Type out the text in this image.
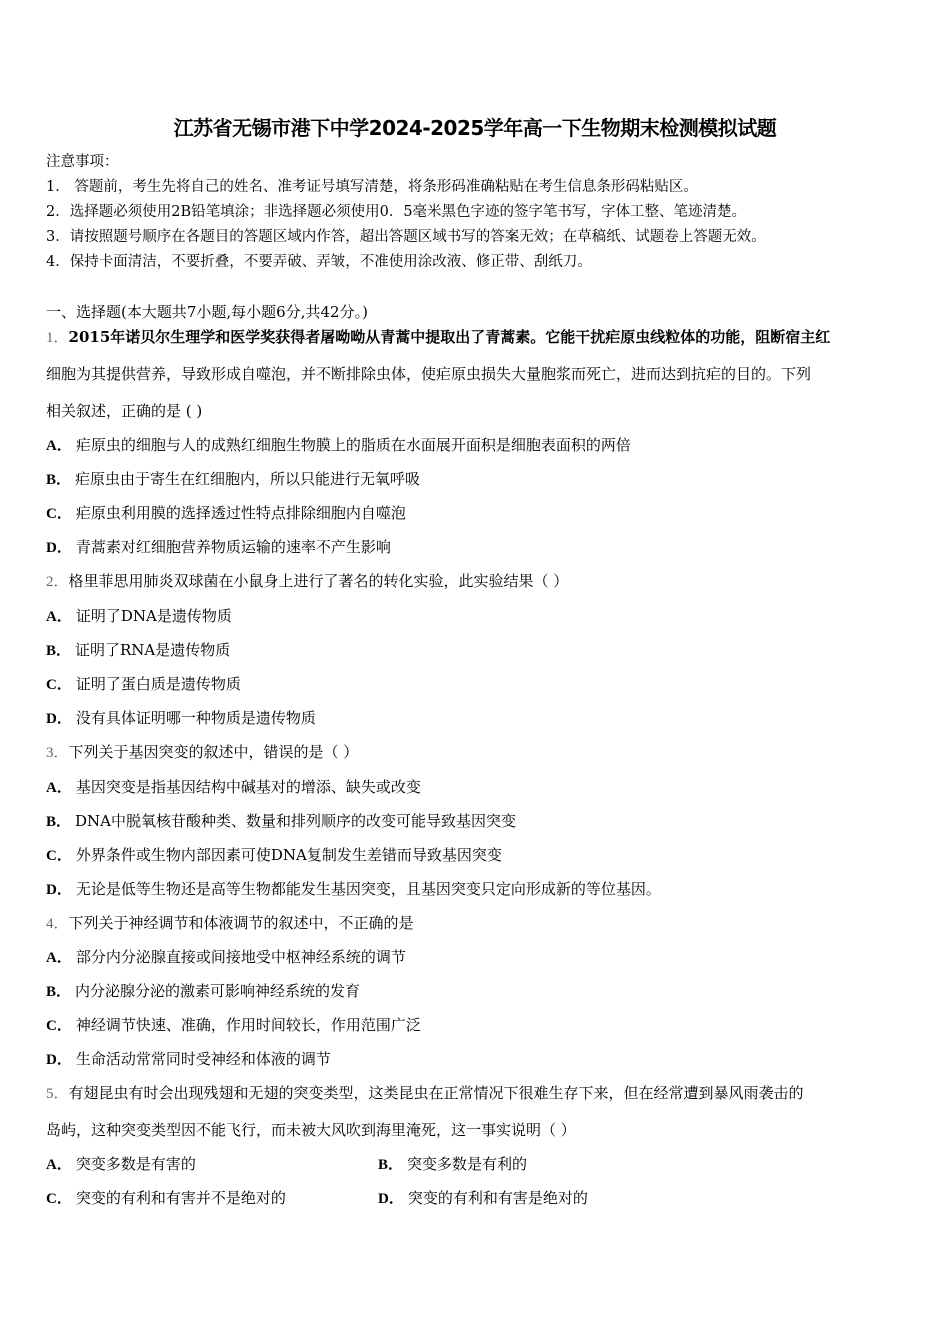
江苏省无锡市港下中学2024-2025学年高一下生物期末检测模拟试题
注意事项：
1． 答题前，考生先将自己的姓名、准考证号填写清楚，将条形码准确粘贴在考生信息条形码粘贴区。
2．选择题必须使用2B铅笔填涂；非选择题必须使用0．5毫米黑色字迹的签字笔书写，字体工整、笔迹清楚。
3．请按照题号顺序在各题目的答题区域内作答，超出答题区域书写的答案无效；在草稿纸、试题卷上答题无效。
4．保持卡面清洁，不要折叠，不要弄破、弄皱，不准使用涂改液、修正带、刮纸刀。
一、选择题(本大题共7小题,每小题6分,共42分。)
1．2015年诺贝尔生理学和医学奖获得者屠呦呦从青蒿中提取出了青蒿素。它能干扰疟原虫线粒体的功能，阻断宿主红
细胞为其提供营养，导致形成自噬泡，并不断排除虫体，使疟原虫损失大量胞浆而死亡，进而达到抗疟的目的。下列
相关叙述，正确的是 ( )
A． 疟原虫的细胞与人的成熟红细胞生物膜上的脂质在水面展开面积是细胞表面积的两倍
B． 疟原虫由于寄生在红细胞内，所以只能进行无氧呼吸
C． 疟原虫利用膜的选择透过性特点排除细胞内自噬泡
D． 青蒿素对红细胞营养物质运输的速率不产生影响
2．格里菲思用肺炎双球菌在小鼠身上进行了著名的转化实验，此实验结果（ ）
A． 证明了DNA是遗传物质
B． 证明了RNA是遗传物质
C． 证明了蛋白质是遗传物质
D． 没有具体证明哪一种物质是遗传物质
3．下列关于基因突变的叙述中，错误的是（ ）
A． 基因突变是指基因结构中碱基对的增添、缺失或改变
B． DNA中脱氧核苷酸种类、数量和排列顺序的改变可能导致基因突变
C． 外界条件或生物内部因素可使DNA复制发生差错而导致基因突变
D． 无论是低等生物还是高等生物都能发生基因突变，且基因突变只定向形成新的等位基因。
4．下列关于神经调节和体液调节的叙述中，不正确的是
A． 部分内分泌腺直接或间接地受中枢神经系统的调节
B． 内分泌腺分泌的激素可影响神经系统的发育
C． 神经调节快速、准确，作用时间较长，作用范围广泛
D． 生命活动常常同时受神经和体液的调节
5．有翅昆虫有时会出现残翅和无翅的突变类型，这类昆虫在正常情况下很难生存下来，但在经常遭到暴风雨袭击的
岛屿，这种突变类型因不能飞行，而未被大风吹到海里淹死，这一事实说明（ ）
A． 突变多数是有害的	B． 突变多数是有利的
C． 突变的有利和有害并不是绝对的	D． 突变的有利和有害是绝对的
